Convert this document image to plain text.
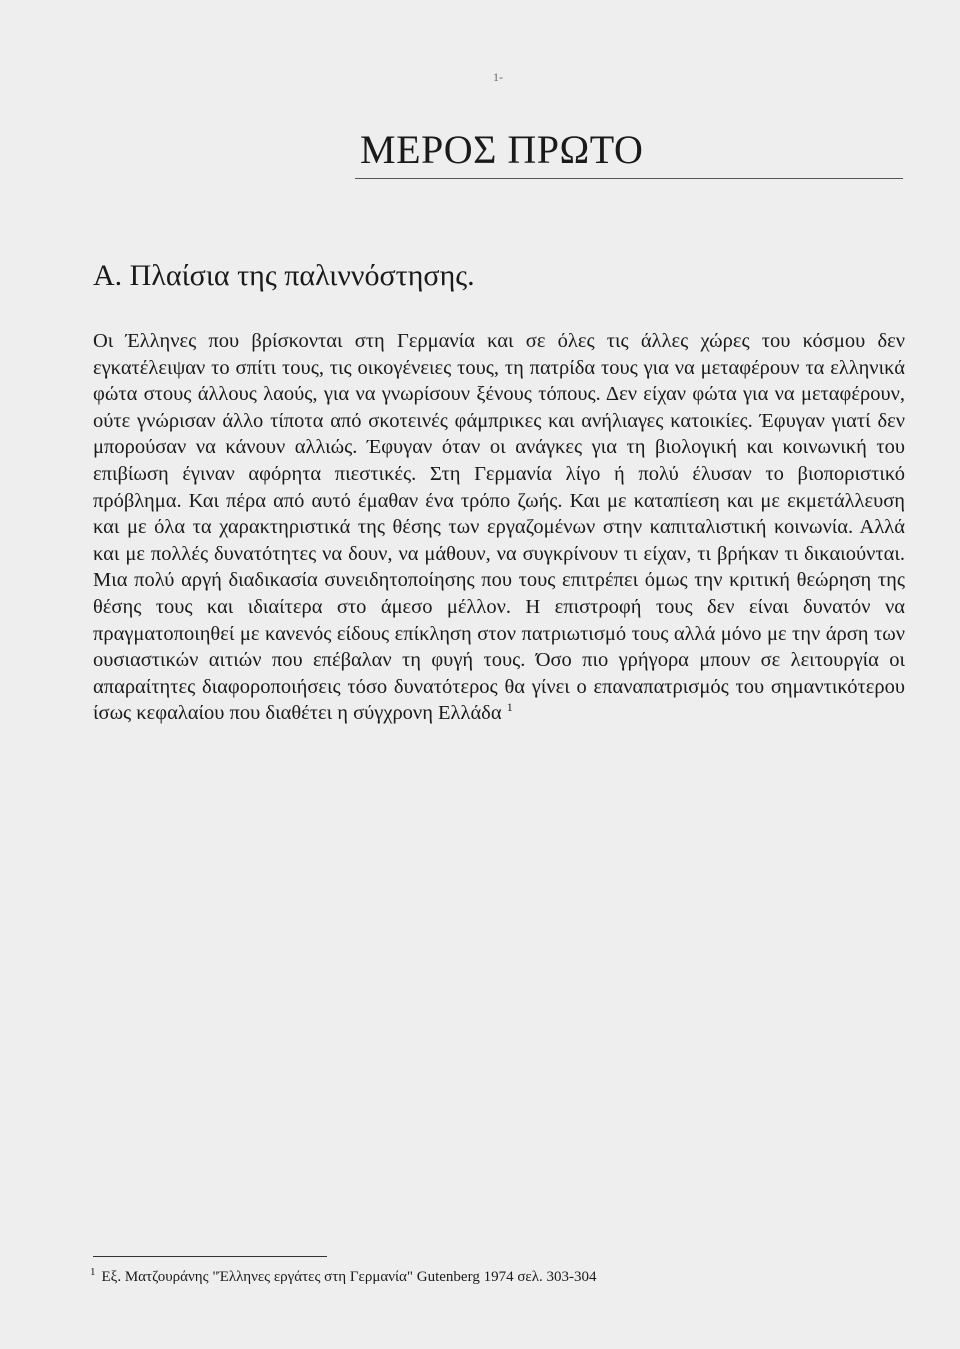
1-
ΜΕΡΟΣ ΠΡΩΤΟ
Α. Πλαίσια της παλιννόστησης.

Οι Έλληνες που βρίσκονται στη Γερμανία και σε όλες τις άλλες χώρες του κόσμου δεν εγκατέλειψαν το σπίτι τους, τις οικογένειες τους, τη πατρίδα τους για να μεταφέρουν τα ελληνικά φώτα στους άλλους λαούς, για να γνωρίσουν ξένους τόπους. Δεν είχαν φώτα για να μεταφέρουν, ούτε γνώρισαν άλλο τίποτα από σκοτεινές φάμπρικες και ανήλιαγες κατοικίες. Έφυγαν γιατί δεν μπορούσαν να κάνουν αλλιώς. Έφυγαν όταν οι ανάγκες για τη βιολογική και κοινωνική του επιβίωση έγιναν αφόρητα πιεστικές. Στη Γερμανία λίγο ή πολύ έλυσαν το βιοποριστικό πρόβλημα. Και πέρα από αυτό έμαθαν ένα τρόπο ζωής. Και με καταπίεση και με εκμετάλλευση και με όλα τα χαρακτηριστικά της θέσης των εργαζομένων στην καπιταλιστική κοινωνία. Αλλά και με πολλές δυνατότητες να δουν, να μάθουν, να συγκρίνουν τι είχαν, τι βρήκαν τι δικαιούνται. Μια πολύ αργή διαδικασία συνειδητοποίησης που τους επιτρέπει όμως την κριτική θεώρηση της θέσης τους και ιδιαίτερα στο άμεσο μέλλον. Η επιστροφή τους δεν είναι δυνατόν να πραγματοποιηθεί με κανενός είδους επίκληση στον πατριωτισμό τους αλλά μόνο με την άρση των ουσιαστικών αιτιών που επέβαλαν τη φυγή τους. Όσο πιο γρήγορα μπουν σε λειτουργία οι απαραίτητες διαφοροποιήσεις τόσο δυνατότερος θα γίνει ο επαναπατρισμός του σημαντικότερου ίσως κεφαλαίου που διαθέτει η σύγχρονη Ελλάδα $^1$

$^1$ Εξ. Ματζουράνης "Έλληνες εργάτες στη Γερμανία" Gutenberg 1974 σελ. 303-304
